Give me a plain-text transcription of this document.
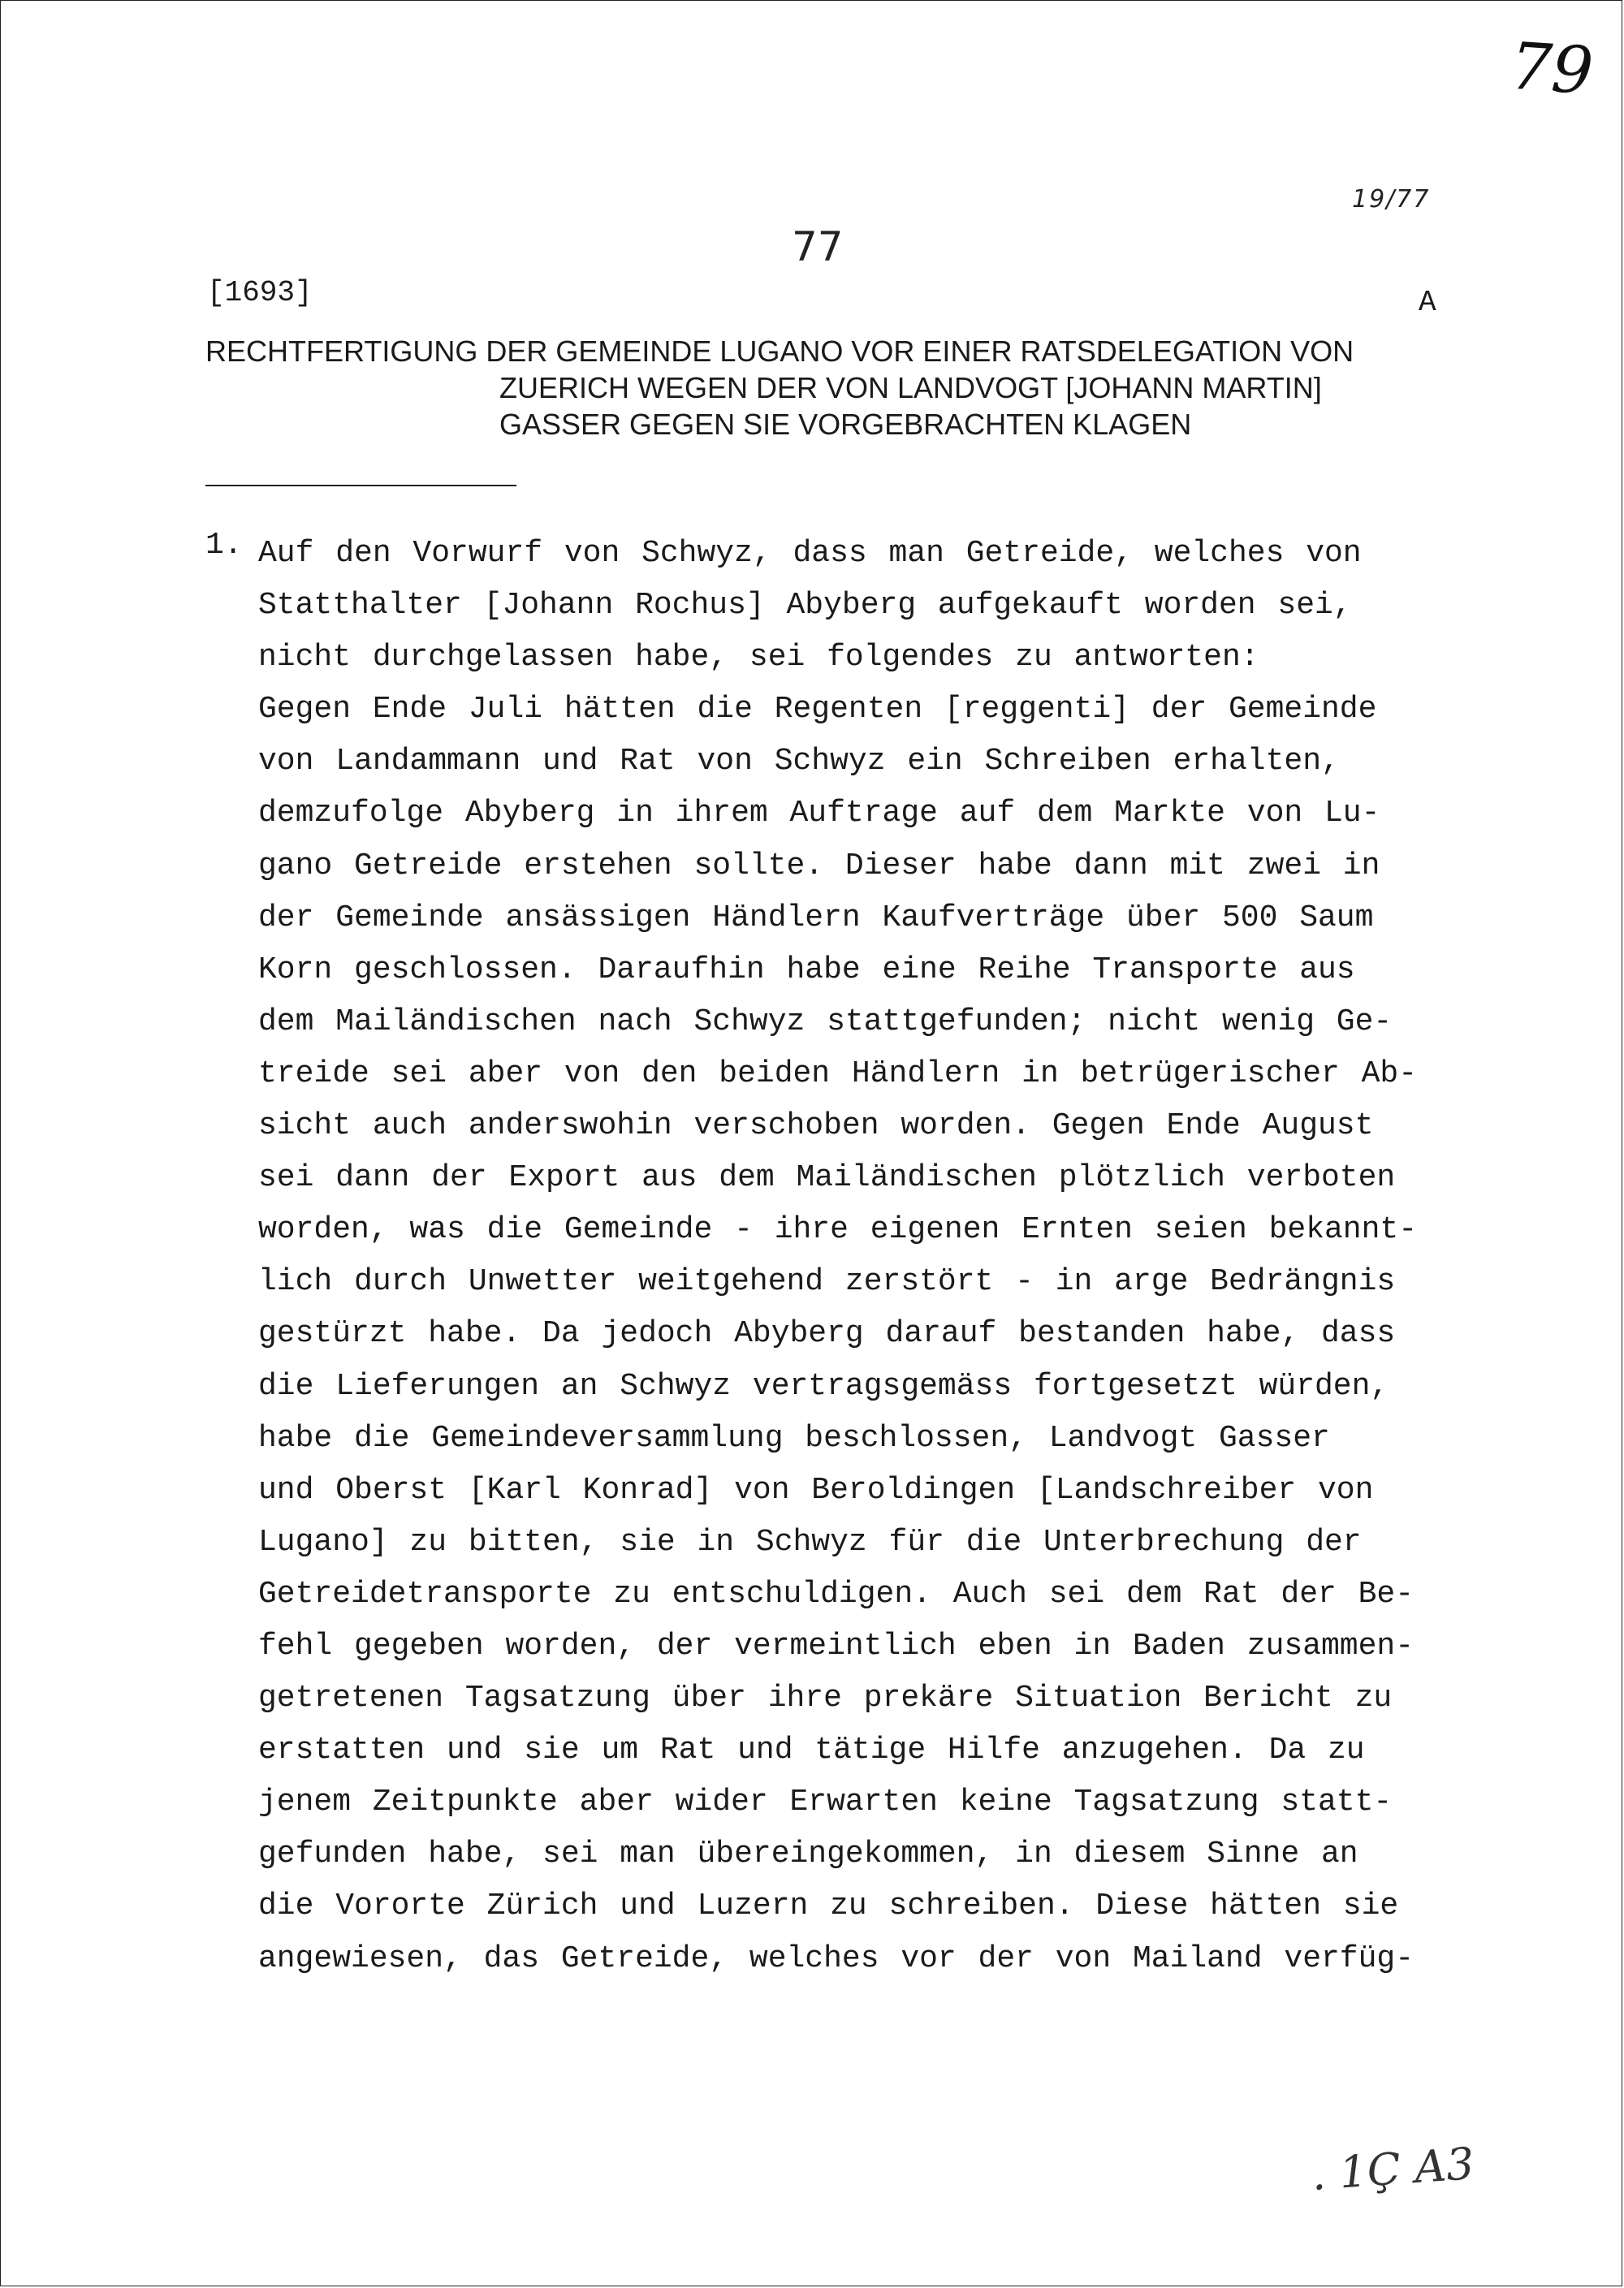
79
19/77
77
[1693]	A
RECHTFERTIGUNG DER GEMEINDE LUGANO VOR EINER RATSDELEGATION VON
ZUERICH WEGEN DER VON LANDVOGT [JOHANN MARTIN]
GASSER GEGEN SIE VORGEBRACHTEN KLAGEN
1. Auf den Vorwurf von Schwyz, dass man Getreide, welches von
Statthalter [Johann Rochus] Abyberg aufgekauft worden sei,
nicht durchgelassen habe, sei folgendes zu antworten:
Gegen Ende Juli hätten die Regenten [reggenti] der Gemeinde
von Landammann und Rat von Schwyz ein Schreiben erhalten,
demzufolge Abyberg in ihrem Auftrage auf dem Markte von Lu-
gano Getreide erstehen sollte. Dieser habe dann mit zwei in
der Gemeinde ansässigen Händlern Kaufverträge über 500 Saum
Korn geschlossen. Daraufhin habe eine Reihe Transporte aus
dem Mailändischen nach Schwyz stattgefunden; nicht wenig Ge-
treide sei aber von den beiden Händlern in betrügerischer Ab-
sicht auch anderswohin verschoben worden. Gegen Ende August
sei dann der Export aus dem Mailändischen plötzlich verboten
worden, was die Gemeinde - ihre eigenen Ernten seien bekannt-
lich durch Unwetter weitgehend zerstört - in arge Bedrängnis
gestürzt habe. Da jedoch Abyberg darauf bestanden habe, dass
die Lieferungen an Schwyz vertragsgemäss fortgesetzt würden,
habe die Gemeindeversammlung beschlossen, Landvogt Gasser
und Oberst [Karl Konrad] von Beroldingen [Landschreiber von
Lugano] zu bitten, sie in Schwyz für die Unterbrechung der
Getreidetransporte zu entschuldigen. Auch sei dem Rat der Be-
fehl gegeben worden, der vermeintlich eben in Baden zusammen-
getretenen Tagsatzung über ihre prekäre Situation Bericht zu
erstatten und sie um Rat und tätige Hilfe anzugehen. Da zu
jenem Zeitpunkte aber wider Erwarten keine Tagsatzung statt-
gefunden habe, sei man übereingekommen, in diesem Sinne an
die Vororte Zürich und Luzern zu schreiben. Diese hätten sie
angewiesen, das Getreide, welches vor der von Mailand verfüg-
. 1Ç A3
